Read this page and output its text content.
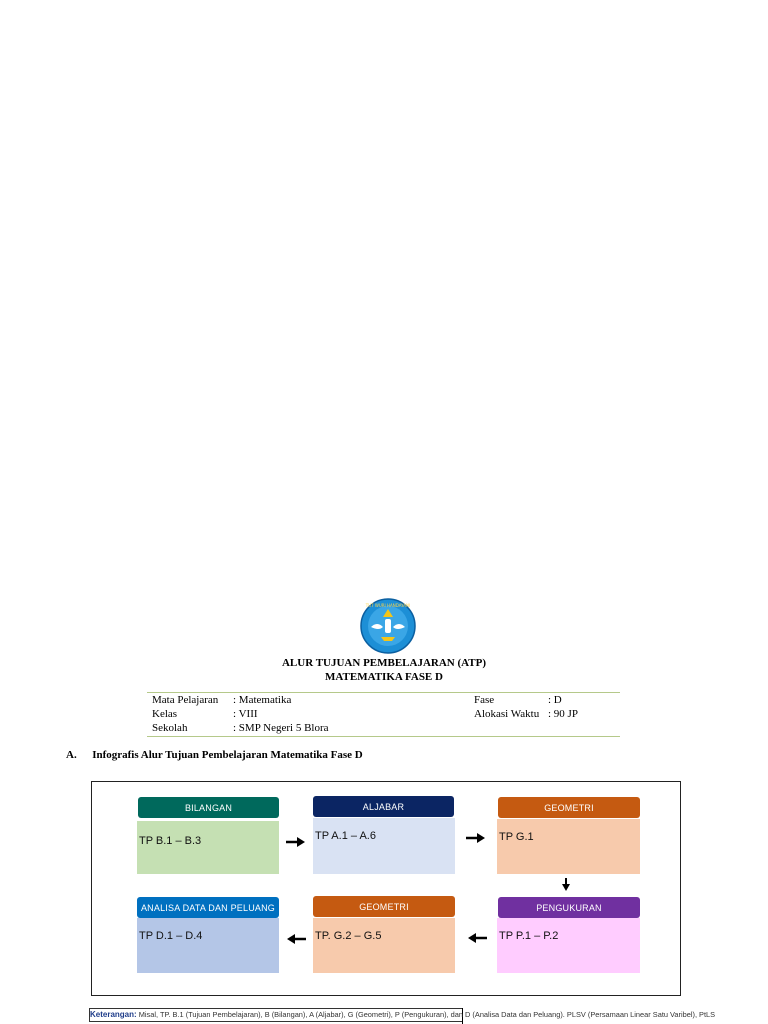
TUT WURI HANDAYANI
ALUR TUJUAN PEMBELAJARAN (ATP)
MATEMATIKA FASE D
Mata Pelajaran
Kelas
Sekolah
: Matematika
: VIII
: SMP Negeri 5 Blora
Fase
Alokasi Waktu
: D
: 90 JP
A. Infografis Alur Tujuan Pembelajaran Matematika Fase D
BILANGAN
TP B.1 – B.3
ALJABAR
TP A.1 – A.6
GEOMETRI
TP G.1
ANALISA DATA DAN PELUANG
TP D.1 – D.4
GEOMETRI
TP. G.2 – G.5
PENGUKURAN
TP P.1 – P.2
Keterangan: Misal, TP. B.1 (Tujuan Pembelajaran), B (Bilangan), A (Aljabar), G (Geometri), P (Pengukuran), dan D (Analisa Data dan Peluang). PLSV (Persamaan Linear Satu Varibel), PtLS
